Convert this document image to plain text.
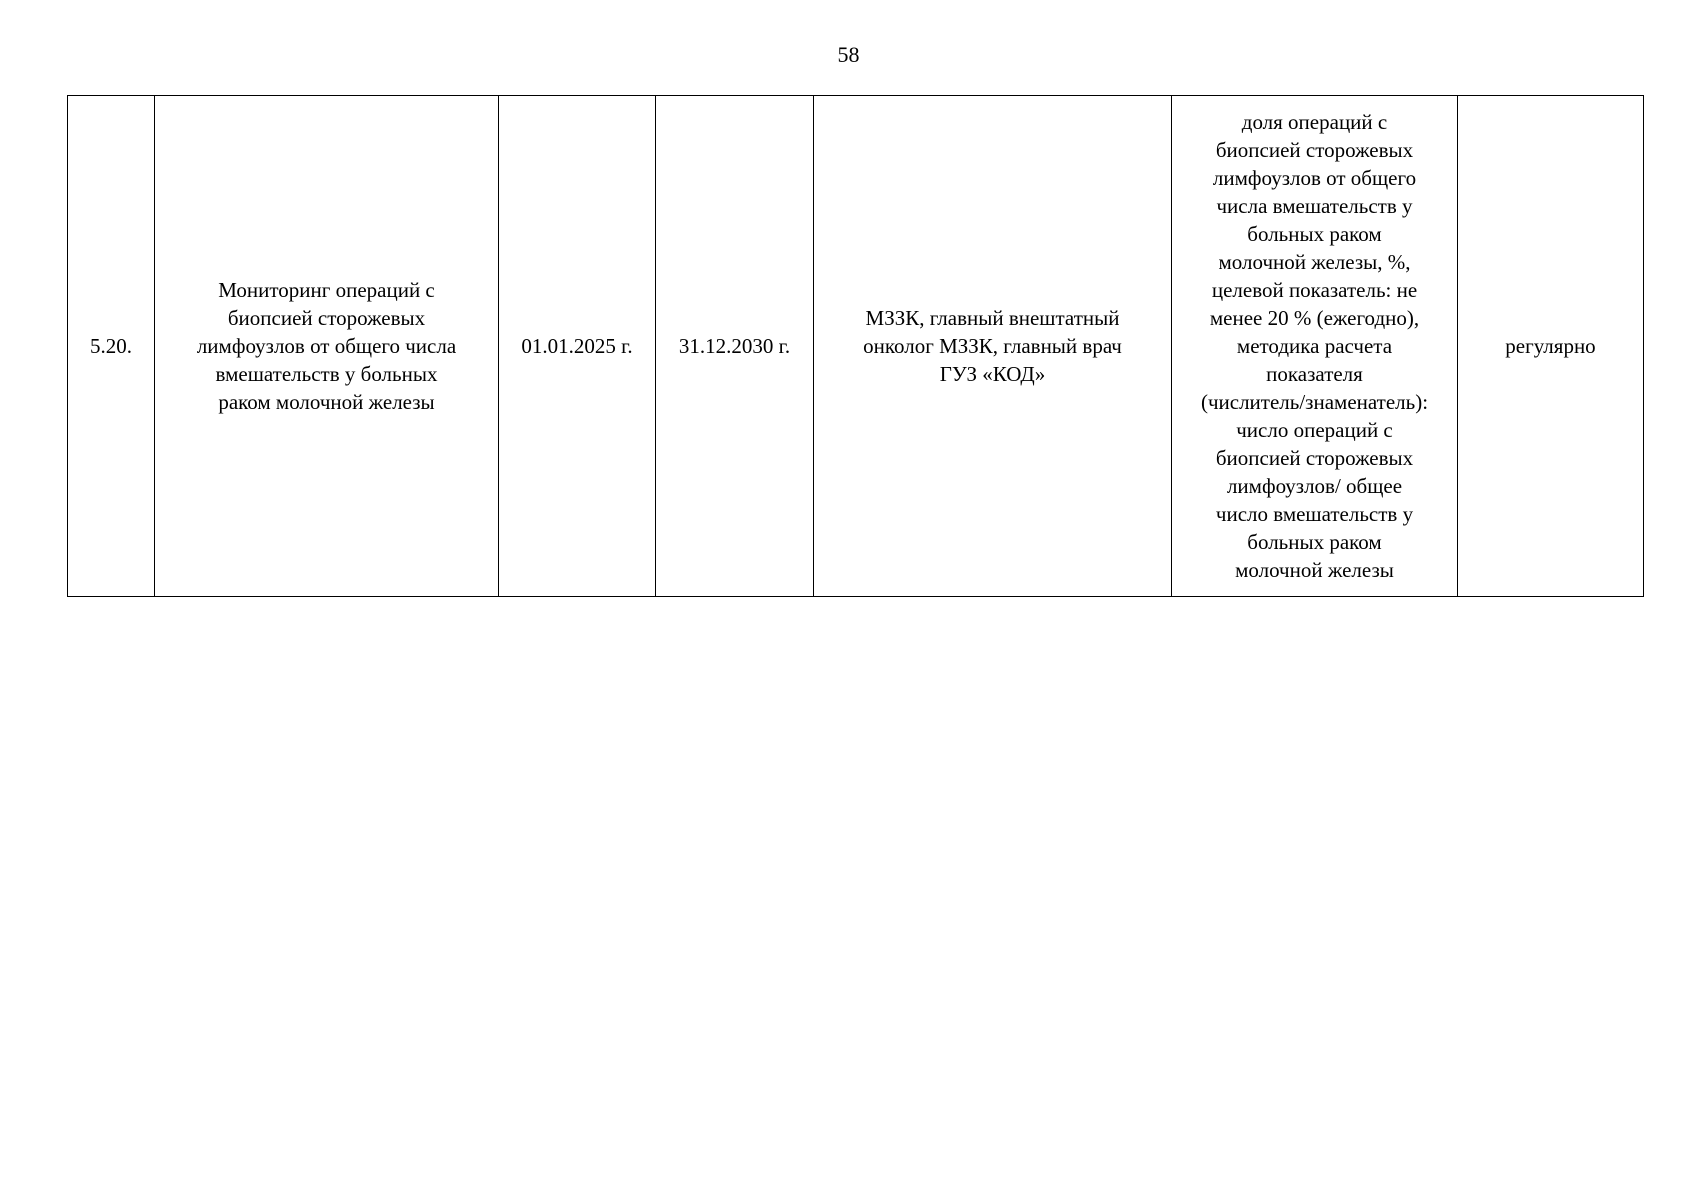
58
5.20.	Мониторинг операций с
биопсией сторожевых
лимфоузлов от общего числа
вмешательств у больных
раком молочной железы	01.01.2025 г.	31.12.2030 г.	МЗЗК, главный внештатный
онколог МЗЗК, главный врач
ГУЗ «КОД»	доля операций с
биопсией сторожевых
лимфоузлов от общего
числа вмешательств у
больных раком
молочной железы, %,
целевой показатель: не
менее 20 % (ежегодно),
методика расчета
показателя
(числитель/знаменатель):
число операций с
биопсией сторожевых
лимфоузлов/ общее
число вмешательств у
больных раком
молочной железы	регулярно
